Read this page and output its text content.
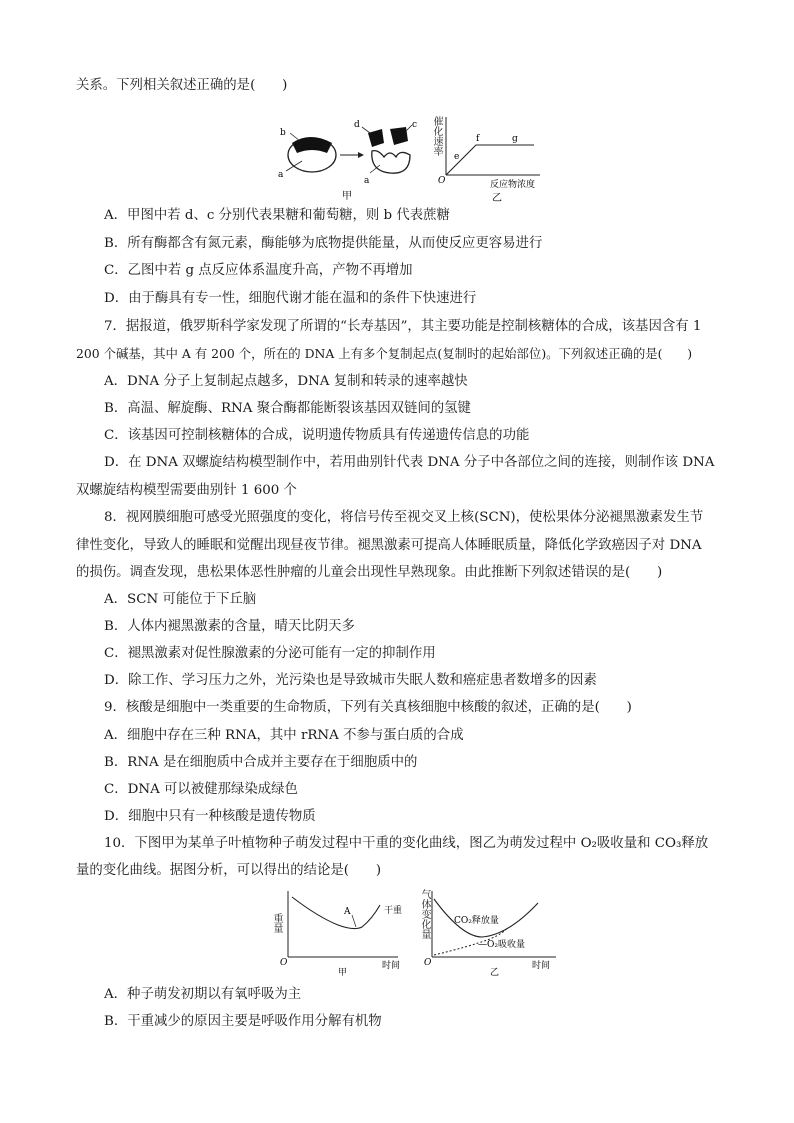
关系。下列相关叙述正确的是(　　)
b
a
d	c
a
甲
O
e
f	g
反应物浓度
乙
催化速率
A．甲图中若 d、c 分别代表果糖和葡萄糖，则 b 代表蔗糖
B．所有酶都含有氮元素，酶能够为底物提供能量，从而使反应更容易进行
C．乙图中若 g 点反应体系温度升高，产物不再增加
D．由于酶具有专一性，细胞代谢才能在温和的条件下快速进行
7．据报道，俄罗斯科学家发现了所谓的“长寿基因”，其主要功能是控制核糖体的合成，该基因含有 1
200 个碱基，其中 A 有 200 个，所在的 DNA 上有多个复制起点(复制时的起始部位)。下列叙述正确的是(　　)
A．DNA 分子上复制起点越多，DNA 复制和转录的速率越快
B．高温、解旋酶、RNA 聚合酶都能断裂该基因双链间的氢键
C．该基因可控制核糖体的合成，说明遗传物质具有传递遗传信息的功能
D．在 DNA 双螺旋结构模型制作中，若用曲别针代表 DNA 分子中各部位之间的连接，则制作该 DNA
双螺旋结构模型需要曲别针 1 600 个
8．视网膜细胞可感受光照强度的变化，将信号传至视交叉上核(SCN)，使松果体分泌褪黑激素发生节
律性变化，导致人的睡眠和觉醒出现昼夜节律。褪黑激素可提高人体睡眠质量，降低化学致癌因子对 DNA
的损伤。调查发现，患松果体恶性肿瘤的儿童会出现性早熟现象。由此推断下列叙述错误的是(　　)
A．SCN 可能位于下丘脑
B．人体内褪黑激素的含量，晴天比阴天多
C．褪黑激素对促性腺激素的分泌可能有一定的抑制作用
D．除工作、学习压力之外，光污染也是导致城市失眠人数和癌症患者数增多的因素
9．核酸是细胞中一类重要的生命物质，下列有关真核细胞中核酸的叙述，正确的是(　　)
A．细胞中存在三种 RNA，其中 rRNA 不参与蛋白质的合成
B．RNA 是在细胞质中合成并主要存在于细胞质中的
C．DNA 可以被健那绿染成绿色
D．细胞中只有一种核酸是遗传物质
10．下图甲为某单子叶植物种子萌发过程中干重的变化曲线，图乙为萌发过程中 O₂吸收量和 CO₃释放
量的变化曲线。据图分析，可以得出的结论是(　　)
A	干重
O	时间
甲
CO₂释放量
—O₂吸收量
O	时间
乙
重量	气体变化量
A．种子萌发初期以有氧呼吸为主
B．干重减少的原因主要是呼吸作用分解有机物
